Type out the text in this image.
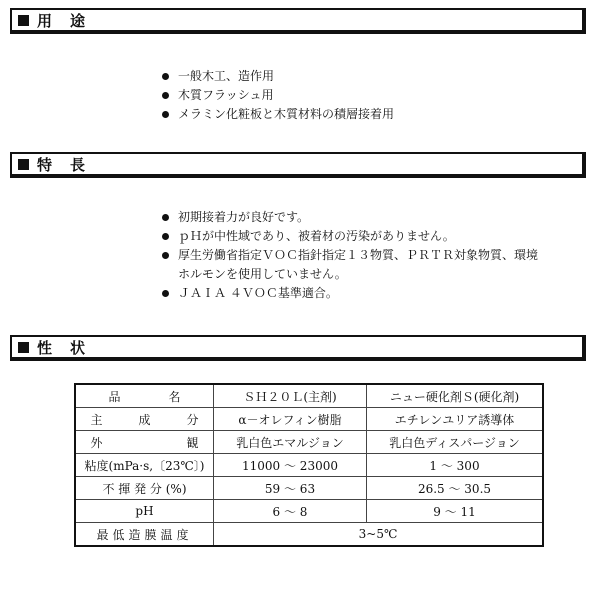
用途
一般木工、造作用
木質フラッシュ用
メラミン化粧板と木質材料の積層接着用
特長
初期接着力が良好です。
ｐＨが中性域であり、被着材の汚染がありません。
厚生労働省指定ＶＯＣ指針指定１３物質、ＰＲＴＲ対象物質、環境
ホルモンを使用していません。
ＪＡＩＡ ４ＶＯＣ基準適合。
性状
品　　　　名	ＳＨ２０Ｌ(主剤)	ニュー硬化剤Ｓ(硬化剤)
主　　　成　　　分	α－オレフィン樹脂	エチレンユリア誘導体
外　　　　　　　観	乳白色エマルジョン	乳白色ディスパージョン
粘度(mPa·s,〔23℃〕)	11000 ～ 23000	1 ～ 300
不 揮 発 分 (%)	59 ～ 63	26.5 ～ 30.5
pH	6 ～ 8	9 ～ 11
最低造膜温度	3~5℃	
